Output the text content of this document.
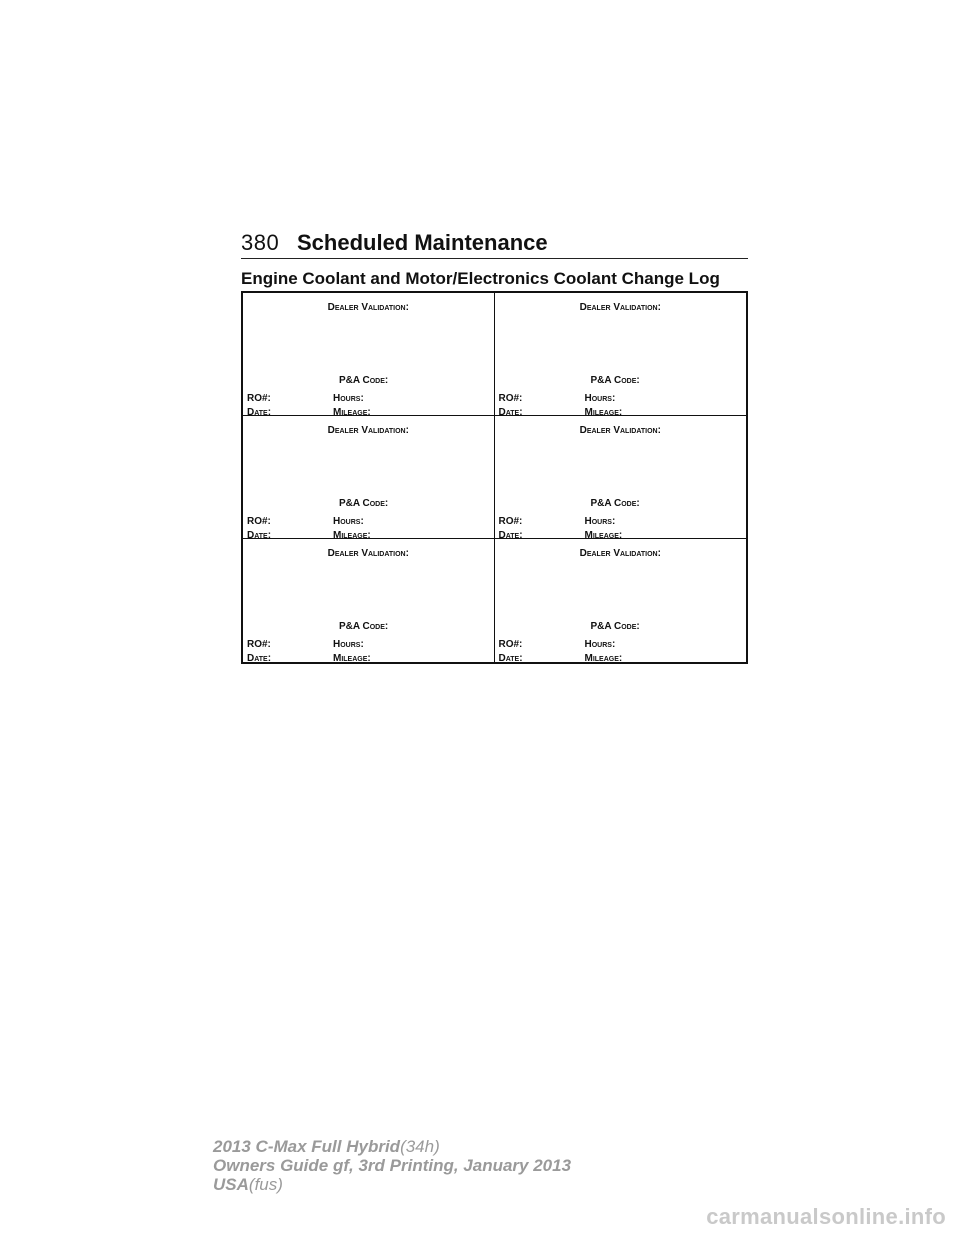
380 Scheduled Maintenance
Engine Coolant and Motor/Electronics Coolant Change Log
Dealer Validation:
P&A Code:
RO#:	Hours:
Date:	Mileage:
Dealer Validation:
P&A Code:
RO#:	Hours:
Date:	Mileage:
Dealer Validation:
P&A Code:
RO#:	Hours:
Date:	Mileage:
Dealer Validation:
P&A Code:
RO#:	Hours:
Date:	Mileage:
Dealer Validation:
P&A Code:
RO#:	Hours:
Date:	Mileage:
Dealer Validation:
P&A Code:
RO#:	Hours:
Date:	Mileage:
2013 C-Max Full Hybrid(34h)
Owners Guide gf, 3rd Printing, January 2013
USA(fus)
carmanualsonline.info
